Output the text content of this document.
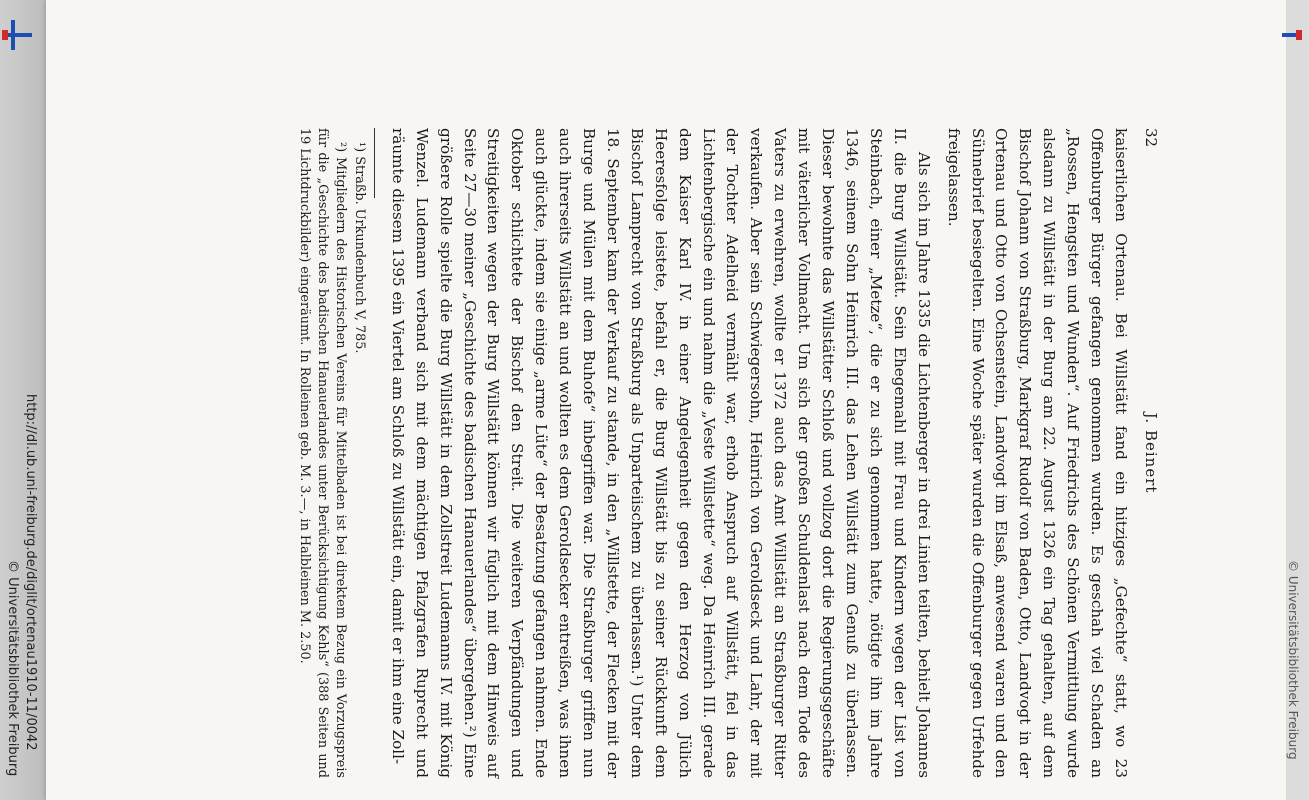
http://dl.ub.uni-freiburg.de/diglit/ortenau1910-11/0042
© Universitätsbibliothek Freiburg	© Universitätsbibliothek Freiburg
32
J. Beinert

kaiserlichen Ortenau. Bei Willstätt fand ein hitziges „Gefechte“ statt, wo 23 Offenburger Bürger gefangen genommen wurden. Es geschah viel Schaden an „Rossen, Hengsten und Wunden“. Auf Friedrichs des Schönen Vermittlung wurde alsdann zu Willstätt in der Burg am 22. August 1326 ein Tag gehalten, auf dem Bischof Johann von Straßburg, Markgraf Rudolf von Baden, Otto, Landvogt in der Ortenau und Otto von Ochsenstein, Landvogt im Elsaß, anwesend waren und den Sühnebrief besiegelten. Eine Woche später wurden die Offenburger gegen Urfehde freigelassen.

Als sich im Jahre 1335 die Lichtenberger in drei Linien teilten, behielt Johannes II. die Burg Willstätt. Sein Ehegemahl mit Frau und Kindern wegen der List von Steinbach, einer „Metze“, die er zu sich genommen hatte, nötigte ihn im Jahre 1346, seinem Sohn Heinrich III. das Lehen Willstätt zum Genuß zu überlassen. Dieser bewohnte das Willstätter Schloß und vollzog dort die Regierungsgeschäfte mit väterlicher Vollmacht. Um sich der großen Schuldenlast nach dem Tode des Vaters zu erwehren, wollte er 1372 auch das Amt Willstätt an Straßburger Ritter verkaufen. Aber sein Schwiegersohn, Heinrich von Geroldseck und Lahr, der mit der Tochter Adelheid vermählt war, erhob Anspruch auf Willstätt, fiel in das Lichtenbergische ein und nahm die „Veste Willstette“ weg. Da Heinrich III. gerade dem Kaiser Karl IV. in einer Angelegenheit gegen den Herzog von Jülich Heeresfolge leistete, befahl er, die Burg Willstätt bis zu seiner Rückkunft dem Bischof Lamprecht von Straßburg als Unparteiischem zu überlassen.¹) Unter dem 18. September kam der Verkauf zu stande, in den „Willstette, der Flecken mit der Burge und Mülen mit dem Buhofe“ inbegriffen war. Die Straßburger griffen nun auch ihrerseits Willstätt an und wollten es dem Geroldsecker entreißen, was ihnen auch glückte, indem sie einige „arme Lüte“ der Besatzung gefangen nahmen. Ende Oktober schlichtete der Bischof den Streit. Die weiteren Verpfändungen und Streitigkeiten wegen der Burg Willstätt können wir füglich mit dem Hinweis auf Seite 27—30 meiner „Geschichte des badischen Hanauerlandes“ übergehen.²) Eine größere Rolle spielte die Burg Willstätt in dem Zollstreit Ludemanns IV. mit König Wenzel. Ludemann verband sich mit dem mächtigen Pfalzgrafen Ruprecht und räumte diesem 1395 ein Viertel am Schloß zu Willstätt ein, damit er ihm eine Zoll-

¹) Straßb. Urkundenbuch V, 785.

²) Mitgliedern des Historischen Vereins für Mittelbaden ist bei direktem Bezug ein Vorzugspreis für die „Geschichte des badischen Hanauerlandes unter Berücksichtigung Kehls“ (388 Seiten und 19 Lichtdruckbilder) eingeräumt. In Rolleinen geb. M. 3.—, in Halbleinen M. 2.50.
